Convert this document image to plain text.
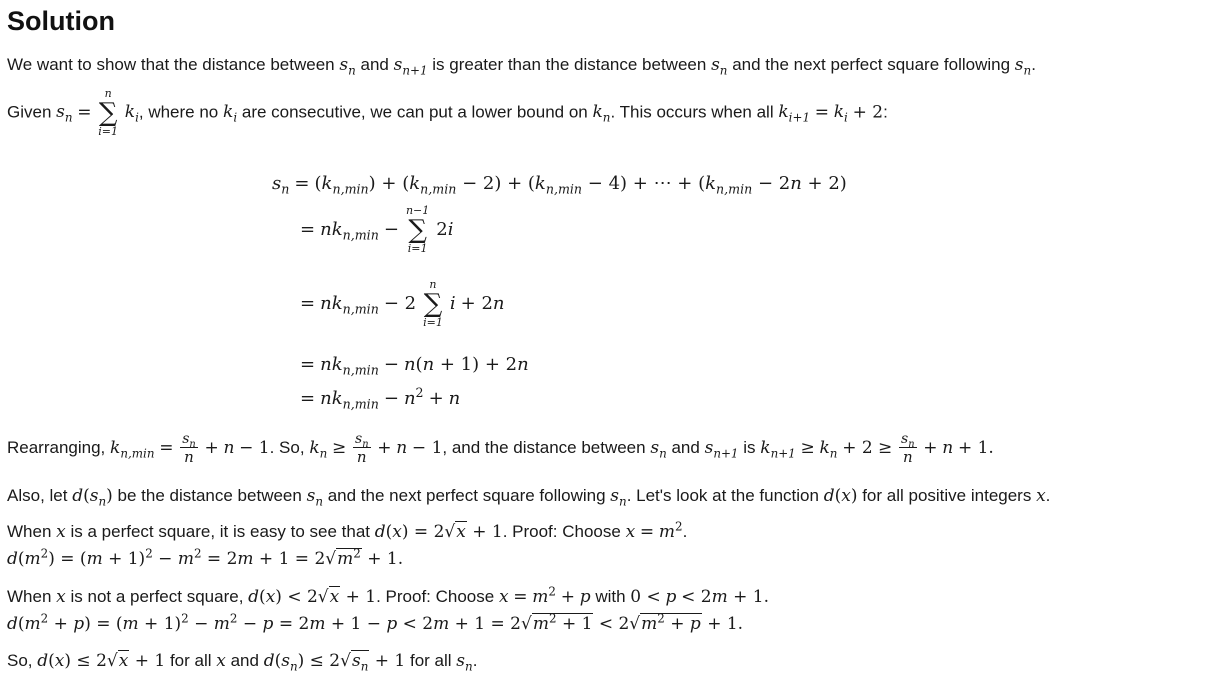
Solution
We want to show that the distance between $s_n$ and $s_{n+1}$ is greater than the distance between $s_n$ and the next perfect square following $s_n$.
Given $s_n$ =
n
∑
i=1
$k_i$, where no $k_i$ are consecutive, we can put a lower bound on $k_n$. This occurs when all $k_{i+1} = k_i + 2$:
$s_n = (k_{n,min}) + (k_{n,min} - 2) + (k_{n,min} - 4)$ + ⋯ + $(k_{n,min} - 2n + 2)$
= $nk_{n,min}$ −
n−1
∑
i=1
2i
= $nk_{n,min} - 2$
n
∑
i=1
i + 2n
= $nk_{n,min} - n(n + 1) + 2n$
= $nk_{n,min} - n^2 + n$
Rearranging, $k_{n,min} = \frac{s_n}{n} + n - 1$. So, $k_n \ge \frac{s_n}{n} + n - 1$, and the distance between $s_n$ and $s_{n+1}$ is $k_{n+1} \ge k_n + 2 \ge \frac{s_n}{n} + n + 1$.
Also, let $d(s_n)$ be the distance between $s_n$ and the next perfect square following $s_n$. Let's look at the function d(x) for all positive integers x.
When x is a perfect square, it is easy to see that d(x) = 2√x + 1. Proof: Choose $x = m^2$.
$d(m^2) = (m + 1)^2 - m^2 = 2m + 1 = 2√m^2 + 1$.
When x is not a perfect square, d(x) < 2√x + 1. Proof: Choose $x = m^2 + p$ with 0 < p < 2m + 1.
$d(m^2 + p) = (m + 1)^2 - m^2 - p = 2m + 1 - p < 2m + 1 = 2√m^2 + 1 < 2√m^2 + p + 1$.
So, d(x) ≤ 2√x + 1 for all x and $d(s_n) \le 2√s_n + 1$ for all $s_n$.
